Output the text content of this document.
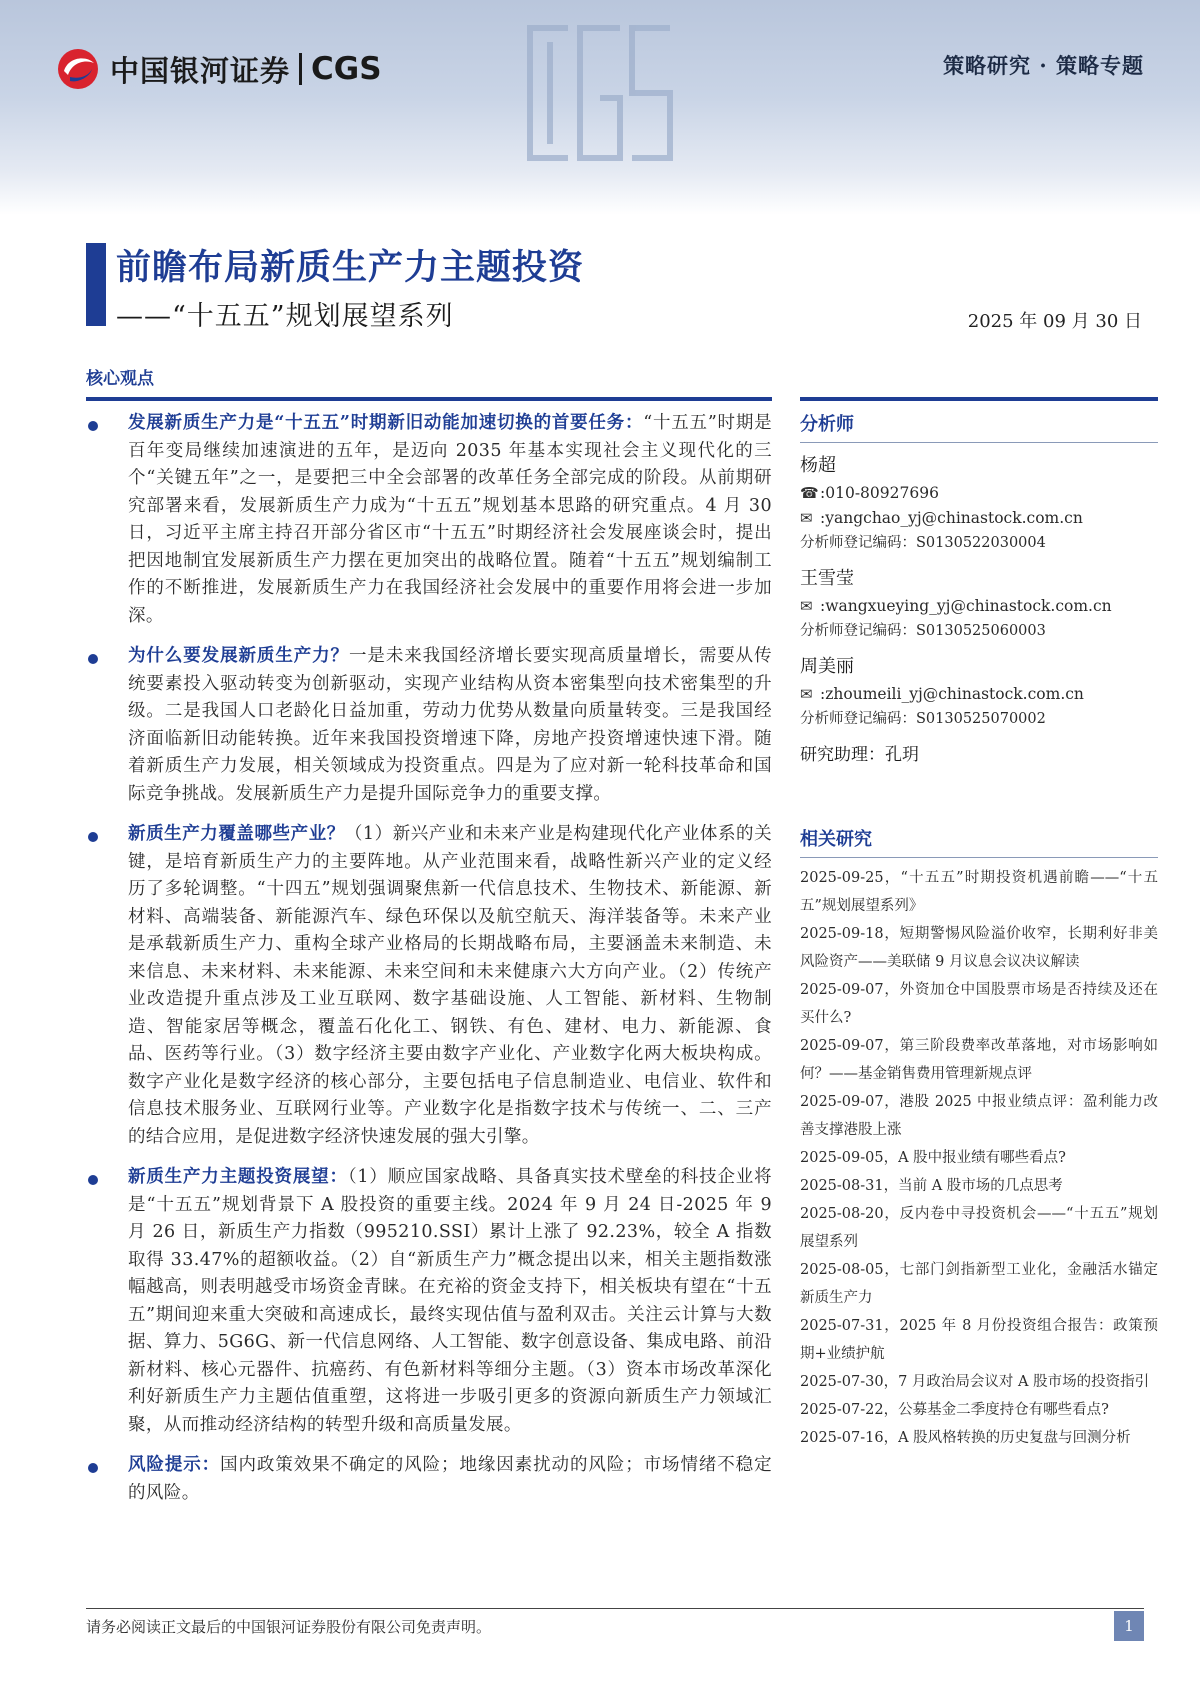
中国银河证券 CGS	策略研究 · 策略专题
前瞻布局新质生产力主题投资
——“十五五”规划展望系列	2025 年 09 月 30 日
核心观点

发展新质生产力是“十五五”时期新旧动能加速切换的首要任务：“十五五”时期是百年变局继续加速演进的五年，是迈向 2035 年基本实现社会主义现代化的三个“关键五年”之一，是要把三中全会部署的改革任务全部完成的阶段。从前期研究部署来看，发展新质生产力成为“十五五”规划基本思路的研究重点。4 月 30 日，习近平主席主持召开部分省区市“十五五”时期经济社会发展座谈会时，提出把因地制宜发展新质生产力摆在更加突出的战略位置。随着“十五五”规划编制工作的不断推进，发展新质生产力在我国经济社会发展中的重要作用将会进一步加深。

为什么要发展新质生产力？一是未来我国经济增长要实现高质量增长，需要从传统要素投入驱动转变为创新驱动，实现产业结构从资本密集型向技术密集型的升级。二是我国人口老龄化日益加重，劳动力优势从数量向质量转变。三是我国经济面临新旧动能转换。近年来我国投资增速下降，房地产投资增速快速下滑。随着新质生产力发展，相关领域成为投资重点。四是为了应对新一轮科技革命和国际竞争挑战。发展新质生产力是提升国际竞争力的重要支撑。

新质生产力覆盖哪些产业？（1）新兴产业和未来产业是构建现代化产业体系的关键，是培育新质生产力的主要阵地。从产业范围来看，战略性新兴产业的定义经历了多轮调整。“十四五”规划强调聚焦新一代信息技术、生物技术、新能源、新材料、高端装备、新能源汽车、绿色环保以及航空航天、海洋装备等。未来产业是承载新质生产力、重构全球产业格局的长期战略布局，主要涵盖未来制造、未来信息、未来材料、未来能源、未来空间和未来健康六大方向产业。（2）传统产业改造提升重点涉及工业互联网、数字基础设施、人工智能、新材料、生物制造、智能家居等概念，覆盖石化化工、钢铁、有色、建材、电力、新能源、食品、医药等行业。（3）数字经济主要由数字产业化、产业数字化两大板块构成。数字产业化是数字经济的核心部分，主要包括电子信息制造业、电信业、软件和信息技术服务业、互联网行业等。产业数字化是指数字技术与传统一、二、三产的结合应用，是促进数字经济快速发展的强大引擎。

新质生产力主题投资展望：（1）顺应国家战略、具备真实技术壁垒的科技企业将是“十五五”规划背景下 A 股投资的重要主线。2024 年 9 月 24 日-2025 年 9 月 26 日，新质生产力指数（995210.SSI）累计上涨了 92.23%，较全 A 指数取得 33.47%的超额收益。（2）自“新质生产力”概念提出以来，相关主题指数涨幅越高，则表明越受市场资金青睐。在充裕的资金支持下，相关板块有望在“十五五”期间迎来重大突破和高速成长，最终实现估值与盈利双击。关注云计算与大数据、算力、5G6G、新一代信息网络、人工智能、数字创意设备、集成电路、前沿新材料、核心元器件、抗癌药、有色新材料等细分主题。（3）资本市场改革深化利好新质生产力主题估值重塑，这将进一步吸引更多的资源向新质生产力领域汇聚，从而推动经济结构的转型升级和高质量发展。

风险提示：国内政策效果不确定的风险；地缘因素扰动的风险；市场情绪不稳定的风险。

分析师
杨超
☎ : 010-80927696
✉ : yangchao_yj@chinastock.com.cn
分析师登记编码：S0130522030004
王雪莹
✉ : wangxueying_yj@chinastock.com.cn
分析师登记编码：S0130525060003
周美丽
✉ : zhoumeili_yj@chinastock.com.cn
分析师登记编码：S0130525070002
研究助理：孔玥
相关研究
2025-09-25，“十五五”时期投资机遇前瞻——“十五五”规划展望系列》
2025-09-18，短期警惕风险溢价收窄，长期利好非美风险资产——美联储 9 月议息会议决议解读
2025-09-07，外资加仓中国股票市场是否持续及还在买什么?
2025-09-07，第三阶段费率改革落地，对市场影响如何？——基金销售费用管理新规点评
2025-09-07，港股 2025 中报业绩点评：盈利能力改善支撑港股上涨
2025-09-05，A 股中报业绩有哪些看点?
2025-08-31，当前 A 股市场的几点思考
2025-08-20，反内卷中寻投资机会——“十五五”规划展望系列
2025-08-05，七部门剑指新型工业化，金融活水锚定新质生产力
2025-07-31，2025 年 8 月份投资组合报告：政策预期+业绩护航
2025-07-30，7 月政治局会议对 A 股市场的投资指引
2025-07-22，公募基金二季度持仓有哪些看点?
2025-07-16，A 股风格转换的历史复盘与回测分析
请务必阅读正文最后的中国银河证券股份有限公司免责声明。	1
